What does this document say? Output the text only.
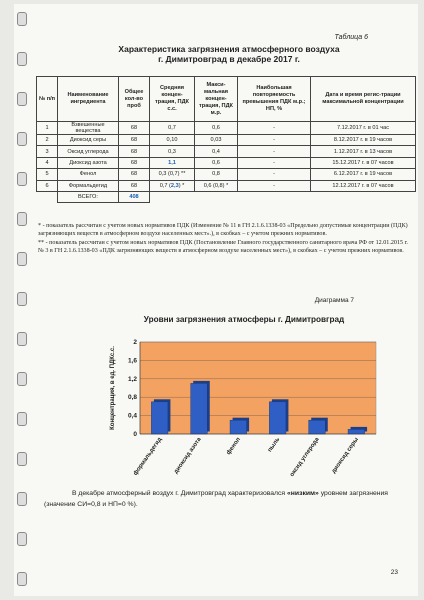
Таблица 6
Характеристика загрязнения атмосферного воздуха
г. Димитровград в декабре 2017 г.
№ п/п	Наименование ингредиента	Общее кол-во проб	Средняя концен-трация, ПДК с.с.	Макси-мальная концен-трация, ПДК м.р.	Наибольшая повторяемость превышения ПДК м.р.; НП, %	Дата и время регис-трации максимальной концентрации
1	Взвешенные вещества	68	0,7	0,6	-	7.12.2017 г. в 01 час
2	Диоксид серы	68	0,10	0,03	-	8.12.2017 г. в 19 часов
3	Оксид углерода	68	0,3	0,4	-	1.12.2017 г. в 13 часов
4	Диоксид азота	68	1,1	0,6	-	15.12.2017 г. в 07 часов
5	Фенол	68	0,3 (0,7) **	0,8	-	6.12.2017 г. в 19 часов
6	Формальдегид	68	0,7 (2,3) *	0,6 (0,8) *	-	12.12.2017 г. в 07 часов
	ВСЕГО:	408				
* - показатель рассчитан с учетом новых нормативов ПДК (Изменение № 11 в ГН 2.1.6.1338-03 «Предельно допустимые концентрации (ПДК) загрязняющих веществ в атмосферном воздухе населенных мест».), в скобках – с учетом прежних нормативов.
** - показатель рассчитан с учетом новых нормативов ПДК (Постановление Главного государственного санитарного врача РФ от 12.01.2015 г. № 3 в ГН 2.1.6.1338-03 «ПДК загрязняющих веществ в атмосферном воздухе населенных мест»), в скобках – с учетом прежних нормативов.
Диаграмма 7
Уровни загрязнения атмосферы г. Димитровград
0
0,4
0,8
1,2
1,6
2
формальдегид диоксид азота	фенол	пыль оксид углерода диоксид серы
Концентрация, в ед. ПДКс.с.
В декабре атмосферный воздух г. Димитровград характеризовался «низким» уровнем загрязнения (значение СИ=0,8 и НП=0 %).
23
